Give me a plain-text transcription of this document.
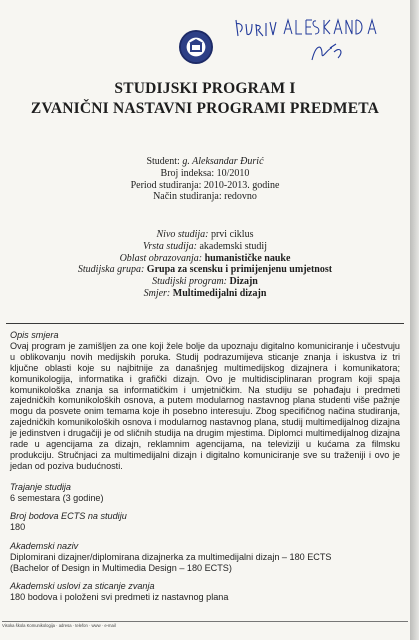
STUDIJSKI PROGRAM I
ZVANIČNI NASTAVNI PROGRAMI PREDMETA
Student: g. Aleksandar Đurić
Broj indeksa: 10/2010
Period studiranja: 2010-2013. godine
Način studiranja: redovno
Nivo studija: prvi ciklus
Vrsta studija: akademski studij
Oblast obrazovanja: humanističke nauke
Studijska grupa: Grupa za scensku i primijenjenu umjetnost
Studijski program: Dizajn
Smjer: Multimedijalni dizajn
Opis smjera
Ovaj program je zamišljen za one koji žele bolje da upoznaju digitalno komuniciranje i učestvuju u oblikovanju novih medijskih poruka. Studij podrazumijeva sticanje znanja i iskustva iz tri ključne oblasti koje su najbitnije za današnjeg multimedijskog dizajnera i komunikatora; komunikologija, informatika i grafički dizajn. Ovo je multidisciplinaran program koji spaja komunikološka znanja sa informatičkim i umjetničkim. Na studiju se pohađaju i predmeti zajedničkih komunikoloških osnova, a putem modularnog nastavnog plana studenti više pažnje mogu da posvete onim temama koje ih posebno interesuju. Zbog specifičnog načina studiranja, zajedničkih komunikoloških osnova i modularnog nastavnog plana, studij multimedijalnog dizajna je jedinstven i drugačiji je od sličnih studija na drugim mjestima. Diplomci multimedijalnog dizajna rade u agencijama za dizajn, reklamnim agencijama, na televiziji u kućama za filmsku produkciju. Stručnjaci za multimedijalni dizajn i digitalno komuniciranje sve su traženiji i ovo je jedan od poziva budućnosti.
Trajanje studija
6 semestara (3 godine)
Broj bodova ECTS na studiju
180
Akademski naziv
Diplomirani dizajner/diplomirana dizajnerka za multimedijalni dizajn – 180 ECTS
(Bachelor of Design in Multimedia Design – 180 ECTS)
Akademski uslovi za sticanje zvanja
180 bodova i položeni svi predmeti iz nastavnog plana
Visoka škola Komunikologija · adresa · telefon · www · e-mail
